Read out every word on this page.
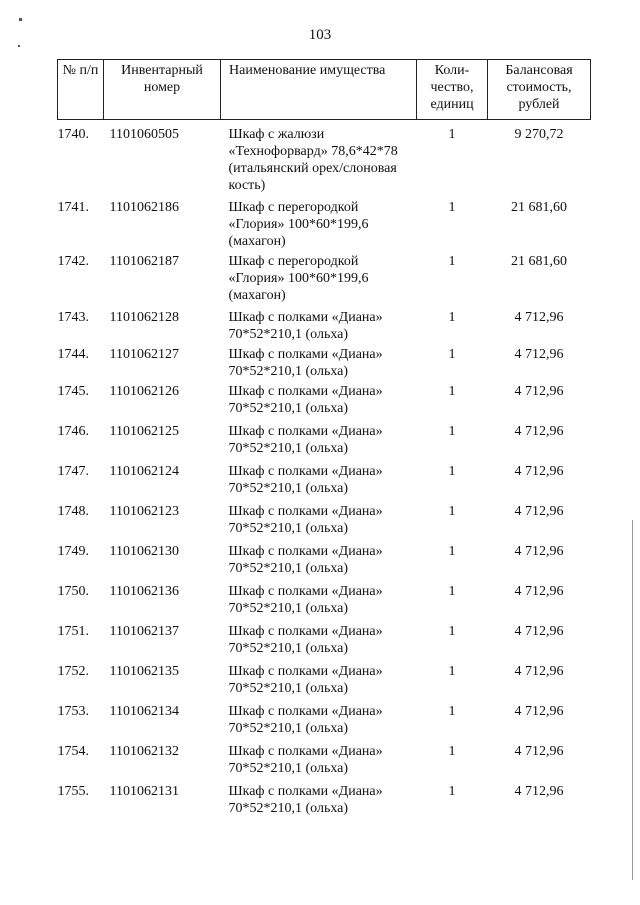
103
№ п/п	Инвентарный номер	Наименование имущества	Коли- чество, единиц	Балансовая стоимость, рублей
1740.	1101060505	Шкаф с жалюзи «Технофорвард» 78,6*42*78 (итальянский орех/слоновая кость)	1	9 270,72
1741.	1101062186	Шкаф с перегородкой «Глория» 100*60*199,6 (махагон)	1	21 681,60
1742.	1101062187	Шкаф с перегородкой «Глория» 100*60*199,6 (махагон)	1	21 681,60
1743.	1101062128	Шкаф с полками «Диана» 70*52*210,1 (ольха)	1	4 712,96
1744.	1101062127	Шкаф с полками «Диана» 70*52*210,1 (ольха)	1	4 712,96
1745.	1101062126	Шкаф с полками «Диана» 70*52*210,1 (ольха)	1	4 712,96
1746.	1101062125	Шкаф с полками «Диана» 70*52*210,1 (ольха)	1	4 712,96
1747.	1101062124	Шкаф с полками «Диана» 70*52*210,1 (ольха)	1	4 712,96
1748.	1101062123	Шкаф с полками «Диана» 70*52*210,1 (ольха)	1	4 712,96
1749.	1101062130	Шкаф с полками «Диана» 70*52*210,1 (ольха)	1	4 712,96
1750.	1101062136	Шкаф с полками «Диана» 70*52*210,1 (ольха)	1	4 712,96
1751.	1101062137	Шкаф с полками «Диана» 70*52*210,1 (ольха)	1	4 712,96
1752.	1101062135	Шкаф с полками «Диана» 70*52*210,1 (ольха)	1	4 712,96
1753.	1101062134	Шкаф с полками «Диана» 70*52*210,1 (ольха)	1	4 712,96
1754.	1101062132	Шкаф с полками «Диана» 70*52*210,1 (ольха)	1	4 712,96
1755.	1101062131	Шкаф с полками «Диана» 70*52*210,1 (ольха)	1	4 712,96
